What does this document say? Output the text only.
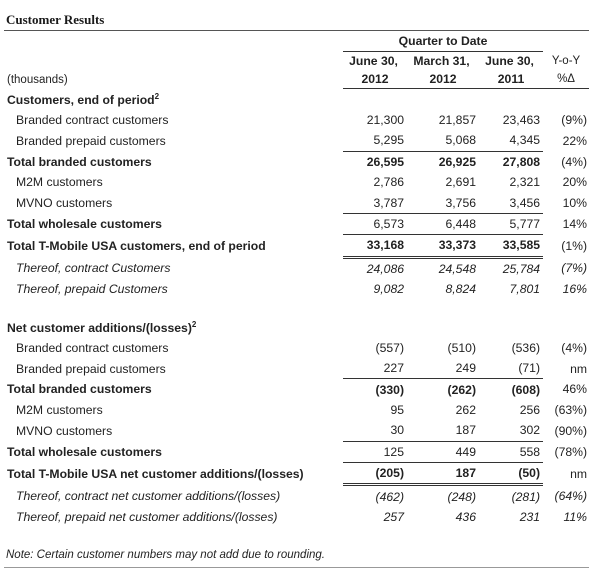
Customer Results
	Quarter to Date			
	June 30,	March 31,	June 30,	Y-o-Y
(thousands)	2012	2012	2011	%Δ
Customers, end of period$^2$
Branded contract customers	21,300	21,857	23,463	(9%)
Branded prepaid customers	5,295	5,068	4,345	22%
Total branded customers	26,595	26,925	27,808	(4%)
M2M customers	2,786	2,691	2,321	20%
MVNO customers	3,787	3,756	3,456	10%
Total wholesale customers	6,573	6,448	5,777	14%
Total T-Mobile USA customers, end of period	33,168	33,373	33,585	(1%)
Thereof, contract Customers	24,086	24,548	25,784	(7%)
Thereof, prepaid Customers	9,082	8,824	7,801	16%

Net customer additions/(losses)$^2$
Branded contract customers	(557)	(510)	(536)	(4%)
Branded prepaid customers	227	249	(71)	nm
Total branded customers	(330)	(262)	(608)	46%
M2M customers	95	262	256	(63%)
MVNO customers	30	187	302	(90%)
Total wholesale customers	125	449	558	(78%)
Total T-Mobile USA net customer additions/(losses)	(205)	187	(50)	nm
Thereof, contract net customer additions/(losses)	(462)	(248)	(281)	(64%)
Thereof, prepaid net customer additions/(losses)	257	436	231	11%
Note: Certain customer numbers may not add due to rounding.
